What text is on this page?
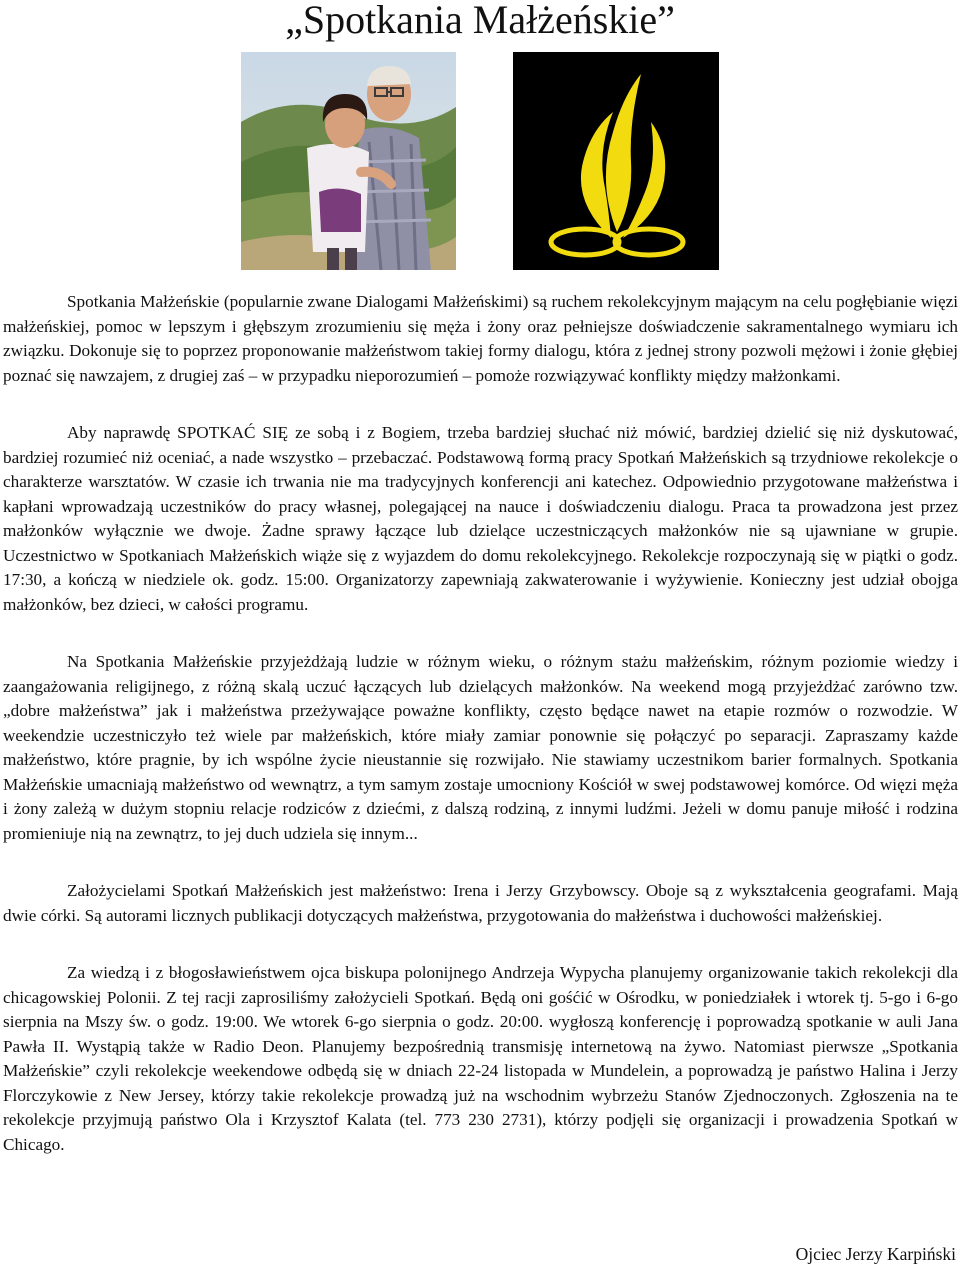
„Spotkania Małżeńskie”

Spotkania Małżeńskie (popularnie zwane Dialogami Małżeńskimi) są ruchem rekolekcyjnym mającym na celu pogłębianie więzi małżeńskiej, pomoc w lepszym i głębszym zrozumieniu się męża i żony oraz pełniejsze doświadczenie sakramentalnego wymiaru ich związku. Dokonuje się to poprzez proponowanie małżeństwom takiej formy dialogu, która z jednej strony pozwoli mężowi i żonie głębiej poznać się nawzajem, z drugiej zaś – w przypadku nieporozumień – pomoże rozwiązywać konflikty między małżonkami.

Aby naprawdę SPOTKAĆ SIĘ ze sobą i z Bogiem, trzeba bardziej słuchać niż mówić, bardziej dzielić się niż dyskutować, bardziej rozumieć niż oceniać, a nade wszystko – przebaczać. Podstawową formą pracy Spotkań Małżeńskich są trzydniowe rekolekcje o charakterze warsztatów. W czasie ich trwania nie ma tradycyjnych konferencji ani katechez. Odpowiednio przygotowane małżeństwa i kapłani wprowadzają uczestników do pracy własnej, polegającej na nauce i doświadczeniu dialogu. Praca ta prowadzona jest przez małżonków wyłącznie we dwoje. Żadne sprawy łączące lub dzielące uczestniczących małżonków nie są ujawniane w grupie. Uczestnictwo w Spotkaniach Małżeńskich wiąże się z wyjazdem do domu rekolekcyjnego. Rekolekcje rozpoczynają się w piątki o godz. 17:30, a kończą w niedziele ok. godz. 15:00. Organizatorzy zapewniają zakwaterowanie i wyżywienie. Konieczny jest udział obojga małżonków, bez dzieci, w całości programu.

Na Spotkania Małżeńskie przyjeżdżają ludzie w różnym wieku, o różnym stażu małżeńskim, różnym poziomie wiedzy i zaangażowania religijnego, z różną skalą uczuć łączących lub dzielących małżonków. Na weekend mogą przyjeżdżać zarówno tzw. „dobre małżeństwa” jak i małżeństwa przeżywające poważne konflikty, często będące nawet na etapie rozmów o rozwodzie. W weekendzie uczestniczyło też wiele par małżeńskich, które miały zamiar ponownie się połączyć po separacji. Zapraszamy każde małżeństwo, które pragnie, by ich wspólne życie nieustannie się rozwijało. Nie stawiamy uczestnikom barier formalnych. Spotkania Małżeńskie umacniają małżeństwo od wewnątrz, a tym samym zostaje umocniony Kościół w swej podstawowej komórce. Od więzi męża i żony zależą w dużym stopniu relacje rodziców z dziećmi, z dalszą rodziną, z innymi ludźmi. Jeżeli w domu panuje miłość i rodzina promieniuje nią na zewnątrz, to jej duch udziela się innym...

Założycielami Spotkań Małżeńskich jest małżeństwo: Irena i Jerzy Grzybowscy. Oboje są z wykształcenia geografami. Mają dwie córki. Są autorami licznych publikacji dotyczących małżeństwa, przygotowania do małżeństwa i duchowości małżeńskiej.

Za wiedzą i z błogosławieństwem ojca biskupa polonijnego Andrzeja Wypycha planujemy organizowanie takich rekolekcji dla chicagowskiej Polonii. Z tej racji zaprosiliśmy założycieli Spotkań. Będą oni gośćić w Ośrodku, w poniedziałek i wtorek tj. 5-go i 6-go sierpnia na Mszy św. o godz. 19:00. We wtorek 6-go sierpnia o godz. 20:00. wygłoszą konferencję i poprowadzą spotkanie w auli Jana Pawła II. Wystąpią także w Radio Deon. Planujemy bezpośrednią transmisję internetową na żywo. Natomiast pierwsze „Spotkania Małżeńskie” czyli rekolekcje weekendowe odbędą się w dniach 22-24 listopada w Mundelein, a poprowadzą je państwo Halina i Jerzy Florczykowie z New Jersey, którzy takie rekolekcje prowadzą już na wschodnim wybrzeżu Stanów Zjednoczonych. Zgłoszenia na te rekolekcje przyjmują państwo Ola i Krzysztof Kalata (tel. 773 230 2731), którzy podjęli się organizacji i prowadzenia Spotkań w Chicago.

Ojciec Jerzy Karpiński
